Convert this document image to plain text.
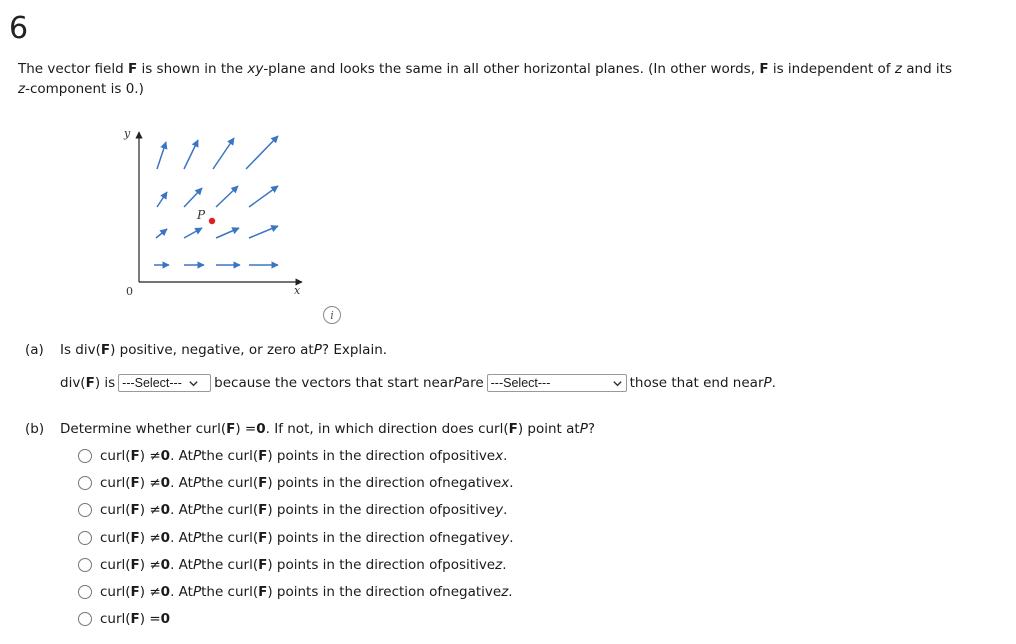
6
The vector field F is shown in the xy-plane and looks the same in all other horizontal planes. (In other words, F is independent of z and its
z-component is 0.)
y
x
0
P
i
(a) Is div( F ) positive, negative, or zero at P ? Explain.
div( F ) is ---Select--- because the vectors that start near P are ---Select---	those that end near P .
(b) Determine whether curl( F ) = 0 . If not, in which direction does curl( F ) point at P ?
curl( F ) ≠ 0 . At P the curl( F ) points in the direction of positive x .
curl( F ) ≠ 0 . At P the curl( F ) points in the direction of negative x .
curl( F ) ≠ 0 . At P the curl( F ) points in the direction of positive y .
curl( F ) ≠ 0 . At P the curl( F ) points in the direction of negative y .
curl( F ) ≠ 0 . At P the curl( F ) points in the direction of positive z .
curl( F ) ≠ 0 . At P the curl( F ) points in the direction of negative z .
curl( F ) = 0
